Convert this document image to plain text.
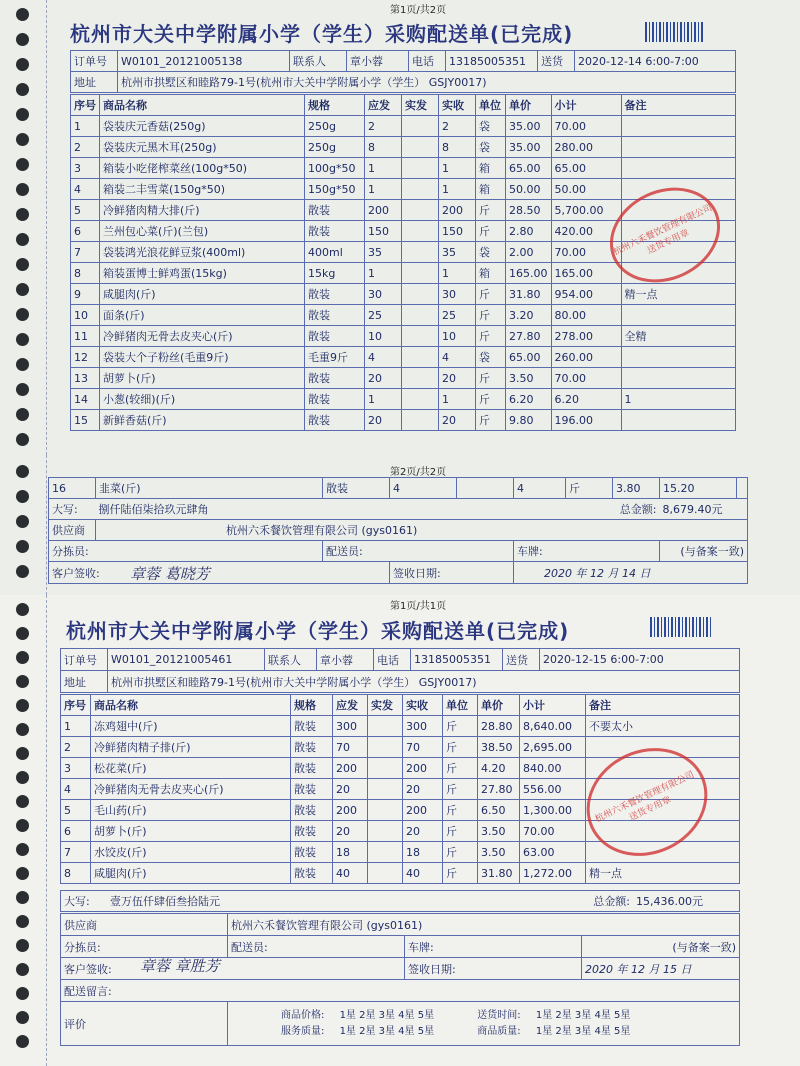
第1页/共2页
杭州市大关中学附属小学（学生）采购配送单(已完成)
订单号	W0101_20121005138	联系人	章小蓉	电话	13185005351	送货	2020-12-14 6:00-7:00
地址	杭州市拱墅区和睦路79-1号(杭州市大关中学附属小学（学生） GSJY0017)						
序号	商品名称	规格	应发	实发	实收	单位	单价	小计	备注
1	袋装庆元香菇(250g)	250g	2		2	袋	35.00	70.00	
2	袋装庆元黑木耳(250g)	250g	8		8	袋	35.00	280.00	
3	箱装小吃佬榨菜丝(100g*50)	100g*50	1		1	箱	65.00	65.00	
4	箱装二丰雪菜(150g*50)	150g*50	1		1	箱	50.00	50.00	
5	冷鲜猪肉精大排(斤)	散装	200		200	斤	28.50	5,700.00	
6	兰州包心菜(斤)(兰包)	散装	150		150	斤	2.80	420.00	
7	袋装鸿光浪花鲜豆浆(400ml)	400ml	35		35	袋	2.00	70.00	
8	箱装蛋博士鲜鸡蛋(15kg)	15kg	1		1	箱	165.00	165.00	
9	咸腿肉(斤)	散装	30		30	斤	31.80	954.00	精一点
10	面条(斤)	散装	25		25	斤	3.20	80.00	
11	冷鲜猪肉无骨去皮夹心(斤)	散装	10		10	斤	27.80	278.00	全精
12	袋装大个子粉丝(毛重9斤)	毛重9斤	4		4	袋	65.00	260.00	
13	胡萝卜(斤)	散装	20		20	斤	3.50	70.00	
14	小葱(较细)(斤)	散装	1		1	斤	6.20	6.20	1
15	新鲜香菇(斤)	散装	20		20	斤	9.80	196.00	
杭州六禾餐饮管理有限公司 送货专用章
第2页/共2页
16	韭菜(斤)	散装	4		4	斤	3.80	15.20	
大写:	捌仟陆佰柒拾玖元肆角					总金额:		8,679.40元	
供应商	杭州六禾餐饮管理有限公司 (gys0161)								
分拣员:		配送员:			车牌:			(与备案一致)	
客户签收:			签收日期:		2020 年 12 月 14 日				
章蓉 葛晓芳
第1页/共1页
杭州市大关中学附属小学（学生）采购配送单(已完成)
订单号	W0101_20121005461	联系人	章小蓉	电话	13185005351	送货	2020-12-15 6:00-7:00
地址	杭州市拱墅区和睦路79-1号(杭州市大关中学附属小学（学生） GSJY0017)						
序号	商品名称	规格	应发	实发	实收	单位	单价	小计	备注
1	冻鸡翅中(斤)	散装	300		300	斤	28.80	8,640.00	不要太小
2	冷鲜猪肉精子排(斤)	散装	70		70	斤	38.50	2,695.00	
3	松花菜(斤)	散装	200		200	斤	4.20	840.00	
4	冷鲜猪肉无骨去皮夹心(斤)	散装	20		20	斤	27.80	556.00	
5	毛山药(斤)	散装	200		200	斤	6.50	1,300.00	
6	胡萝卜(斤)	散装	20		20	斤	3.50	70.00	
7	水饺皮(斤)	散装	18		18	斤	3.50	63.00	
8	咸腿肉(斤)	散装	40		40	斤	31.80	1,272.00	精一点
大写:	壹万伍仟肆佰叁拾陆元	总金额:	15,436.00元
供应商	杭州六禾餐饮管理有限公司 (gys0161)		
分拣员:	配送员:	车牌:	(与备案一致)
客户签收:		签收日期:	2020 年 12 月 15 日
配送留言:			
评价	商品价格: 1星 2星 3星 4星 5星 送货时间: 1星 2星 3星 4星 5星
服务质量: 1星 2星 3星 4星 5星 商品质量: 1星 2星 3星 4星 5星		
章蓉 章胜芳
杭州六禾餐饮管理有限公司 送货专用章
